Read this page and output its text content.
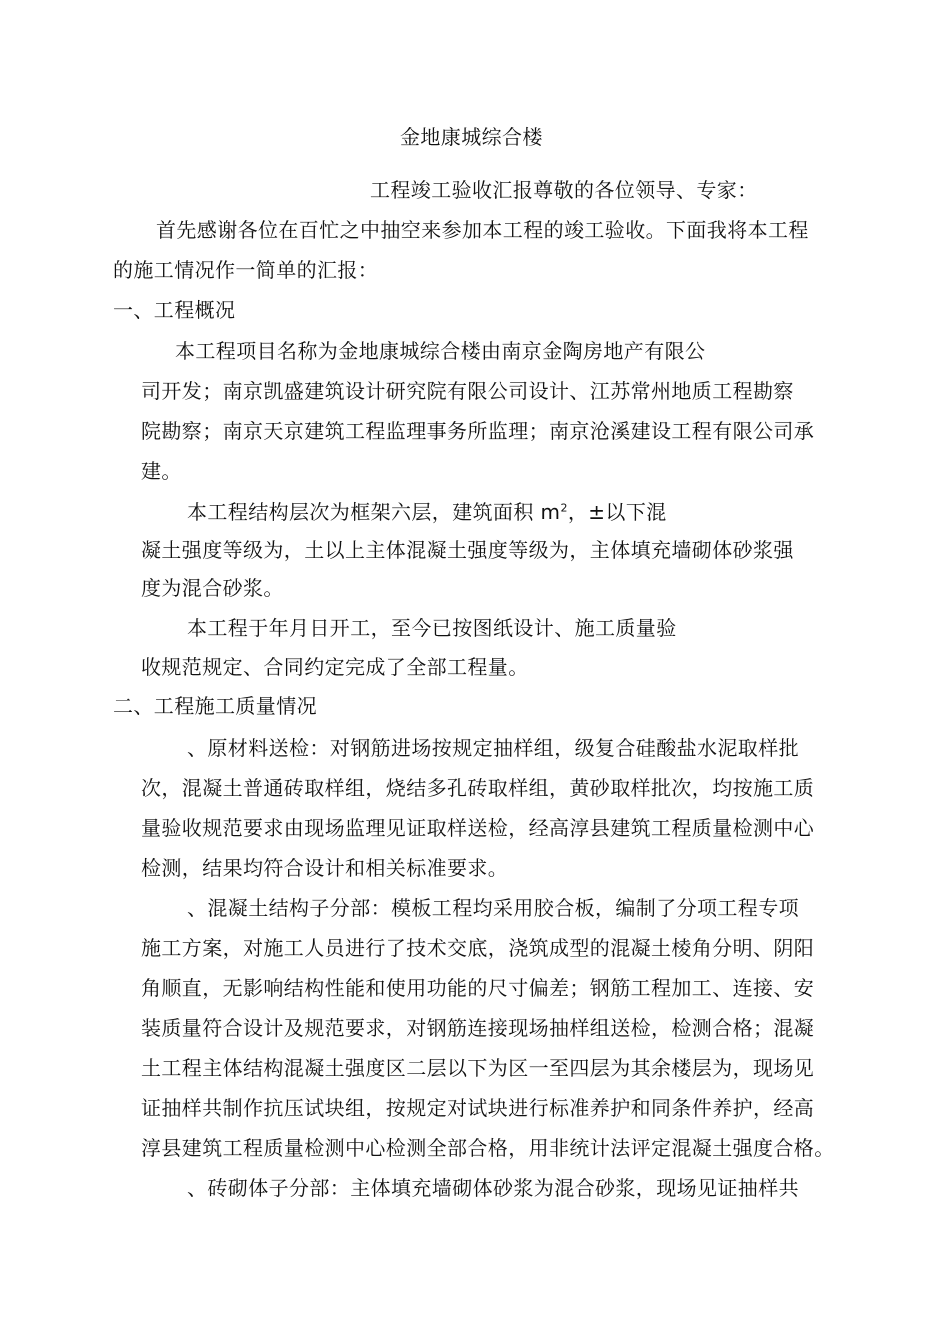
金地康城综合楼
工程竣工验收汇报尊敬的各位领导、专家：
首先感谢各位在百忙之中抽空来参加本工程的竣工验收。下面我将本工程
的施工情况作一简单的汇报：
一、工程概况
本工程项目名称为金地康城综合楼由南京金陶房地产有限公
司开发；南京凯盛建筑设计研究院有限公司设计、江苏常州地质工程勘察
院勘察；南京天京建筑工程监理事务所监理；南京沧溪建设工程有限公司承
建。
本工程结构层次为框架六层，建筑面积 $m^2$，±以下混
凝土强度等级为，土以上主体混凝土强度等级为，主体填充墙砌体砂浆强
度为混合砂浆。
本工程于年月日开工，至今已按图纸设计、施工质量验
收规范规定、合同约定完成了全部工程量。
二、工程施工质量情况
、原材料送检：对钢筋进场按规定抽样组，级复合硅酸盐水泥取样批
次，混凝土普通砖取样组，烧结多孔砖取样组，黄砂取样批次，均按施工质
量验收规范要求由现场监理见证取样送检，经高淳县建筑工程质量检测中心
检测，结果均符合设计和相关标准要求。
、混凝土结构子分部：模板工程均采用胶合板，编制了分项工程专项
施工方案，对施工人员进行了技术交底，浇筑成型的混凝土棱角分明、阴阳
角顺直，无影响结构性能和使用功能的尺寸偏差；钢筋工程加工、连接、安
装质量符合设计及规范要求，对钢筋连接现场抽样组送检，检测合格；混凝
土工程主体结构混凝土强度区二层以下为区一至四层为其余楼层为，现场见
证抽样共制作抗压试块组，按规定对试块进行标准养护和同条件养护，经高
淳县建筑工程质量检测中心检测全部合格，用非统计法评定混凝土强度合格。
、砖砌体子分部：主体填充墙砌体砂浆为混合砂浆，现场见证抽样共
